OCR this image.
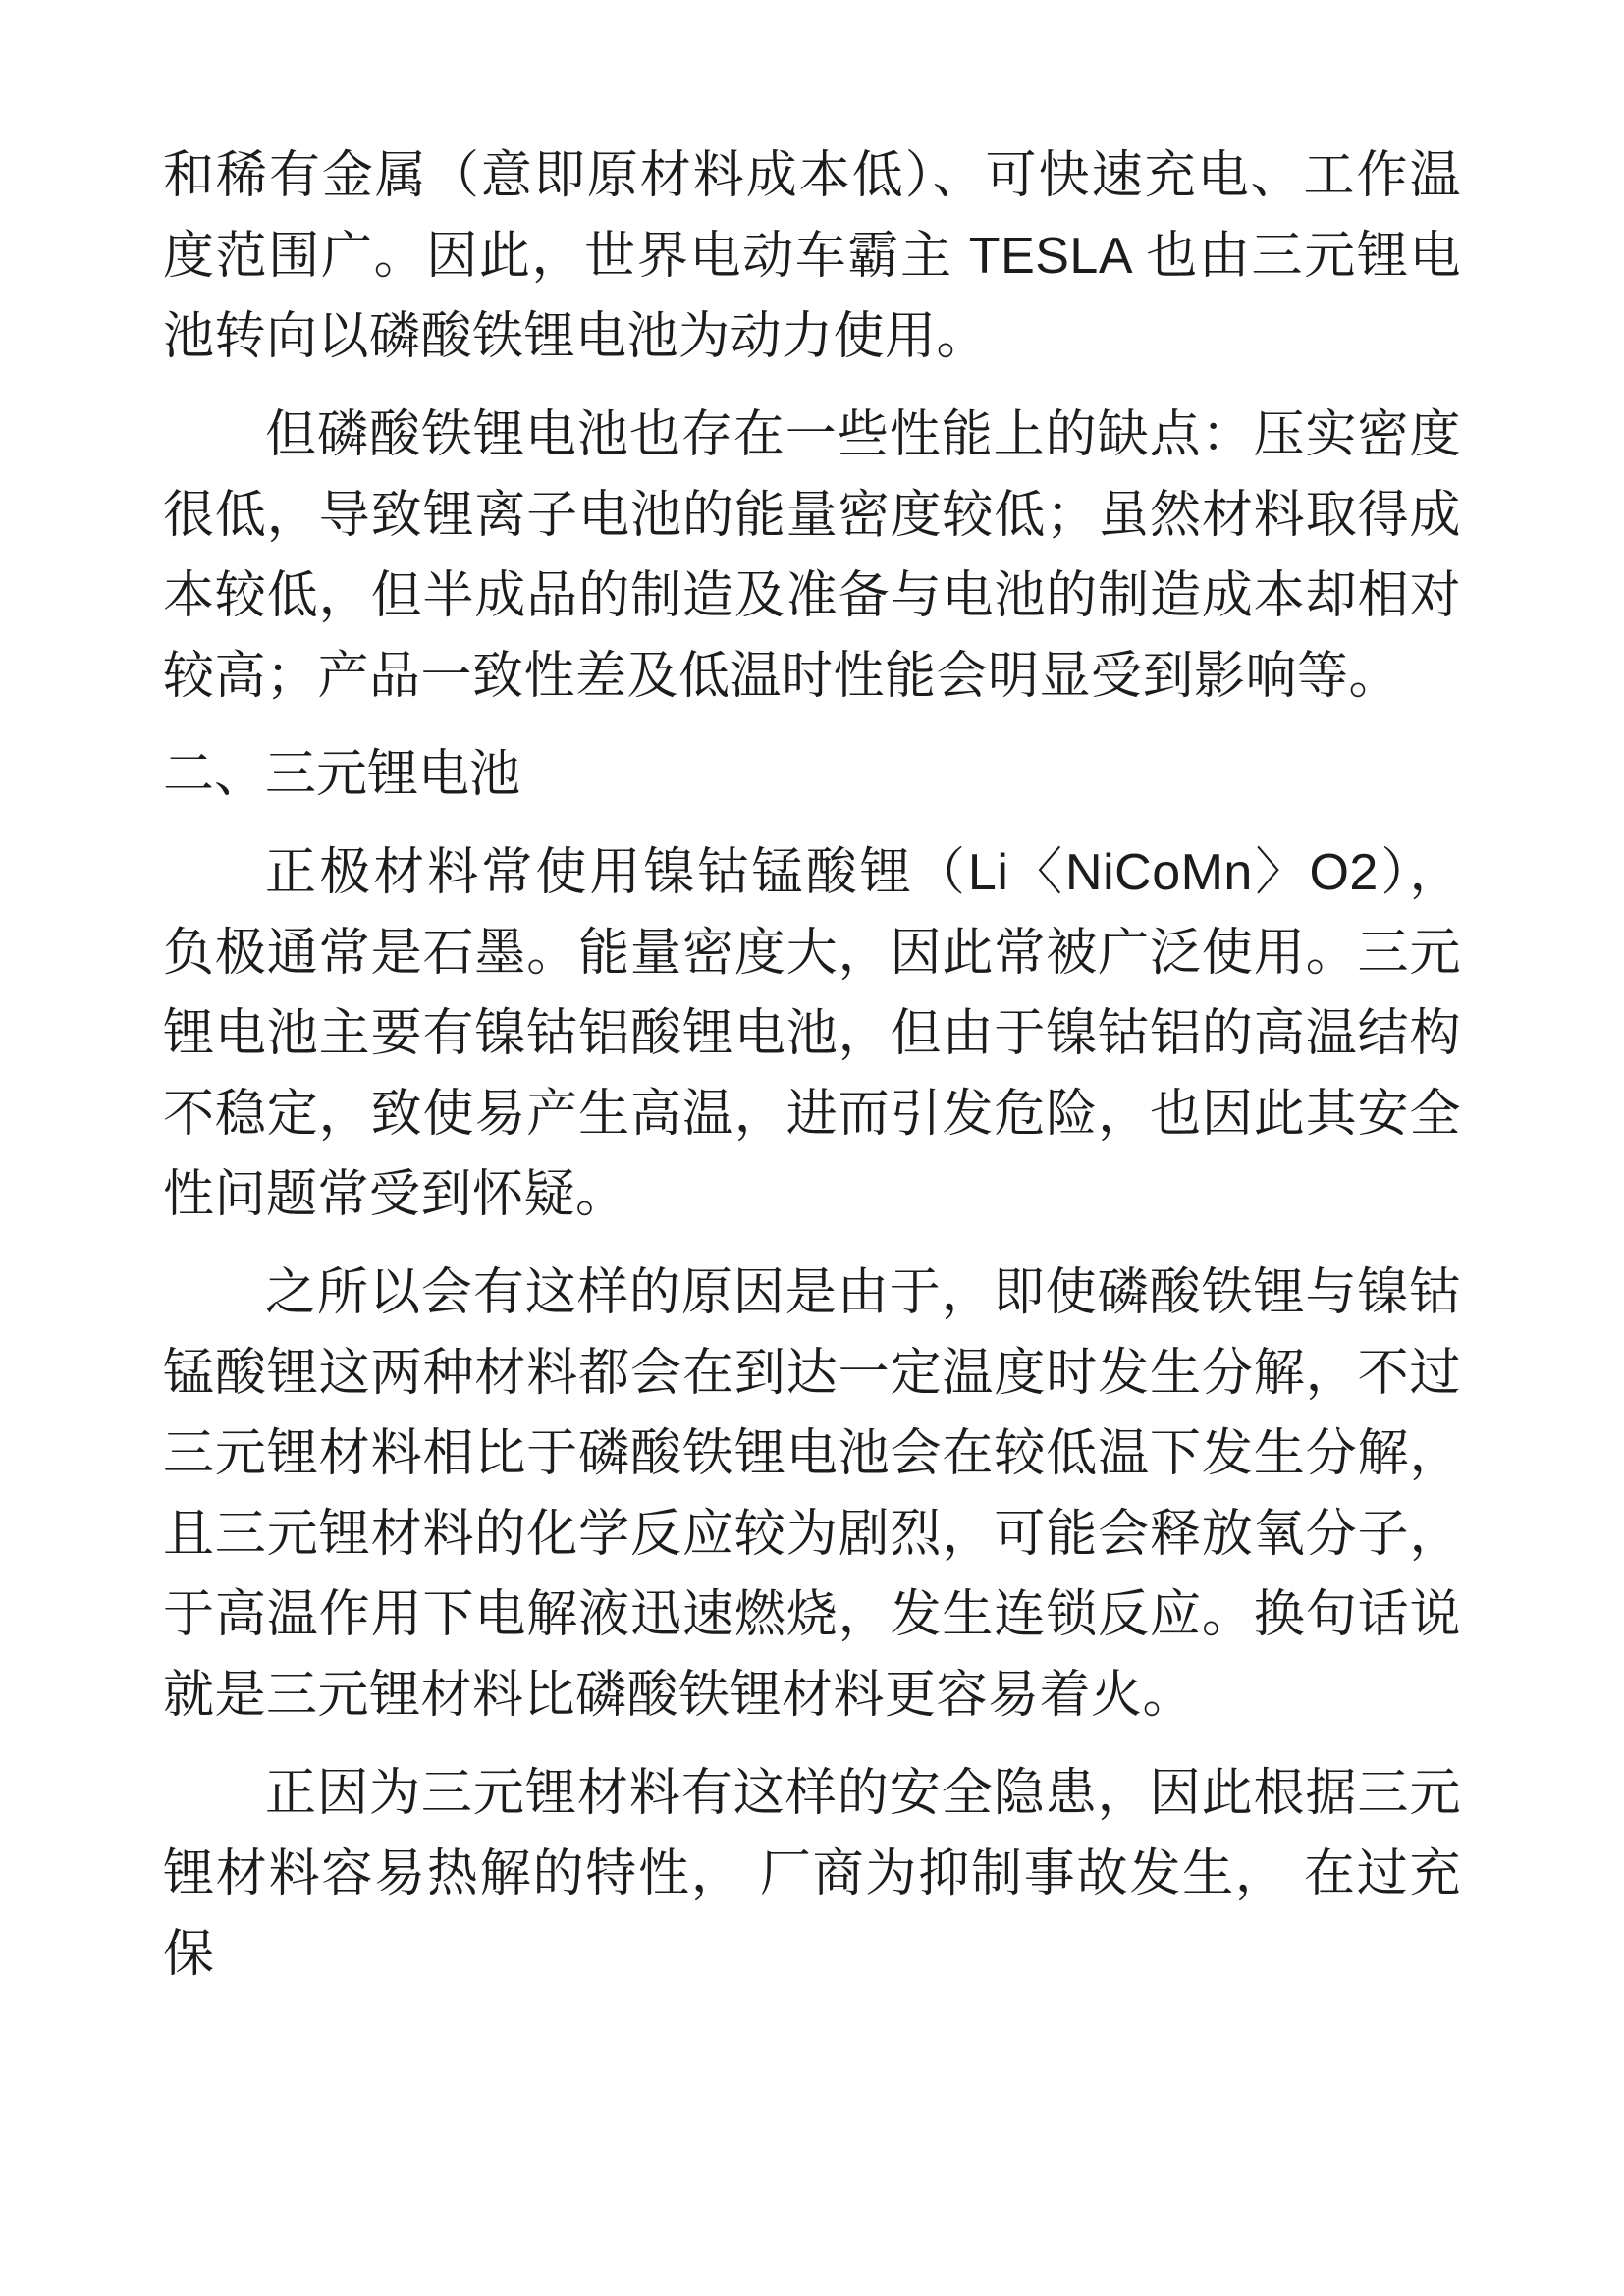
和稀有金属（意即原材料成本低）、可快速充电、工作温度范围广。因此，世界电动车霸主 TESLA 也由三元锂电池转向以磷酸铁锂电池为动力使用。

但磷酸铁锂电池也存在一些性能上的缺点：压实密度很低，导致锂离子电池的能量密度较低；虽然材料取得成本较低，但半成品的制造及准备与电池的制造成本却相对较高；产品一致性差及低温时性能会明显受到影响等。

二、三元锂电池

正极材料常使用镍钴锰酸锂（Li〈NiCoMn〉O2），负极通常是石墨。能量密度大，因此常被广泛使用。三元锂电池主要有镍钴铝酸锂电池，但由于镍钴铝的高温结构不稳定，致使易产生高温，进而引发危险，也因此其安全性问题常受到怀疑。

之所以会有这样的原因是由于，即使磷酸铁锂与镍钴锰酸锂这两种材料都会在到达一定温度时发生分解，不过三元锂材料相比于磷酸铁锂电池会在较低温下发生分解，且三元锂材料的化学反应较为剧烈，可能会释放氧分子，于高温作用下电解液迅速燃烧，发生连锁反应。换句话说就是三元锂材料比磷酸铁锂材料更容易着火。

正因为三元锂材料有这样的安全隐患，因此根据三元锂材料容易热解的特性， 厂商为抑制事故发生， 在过充保
